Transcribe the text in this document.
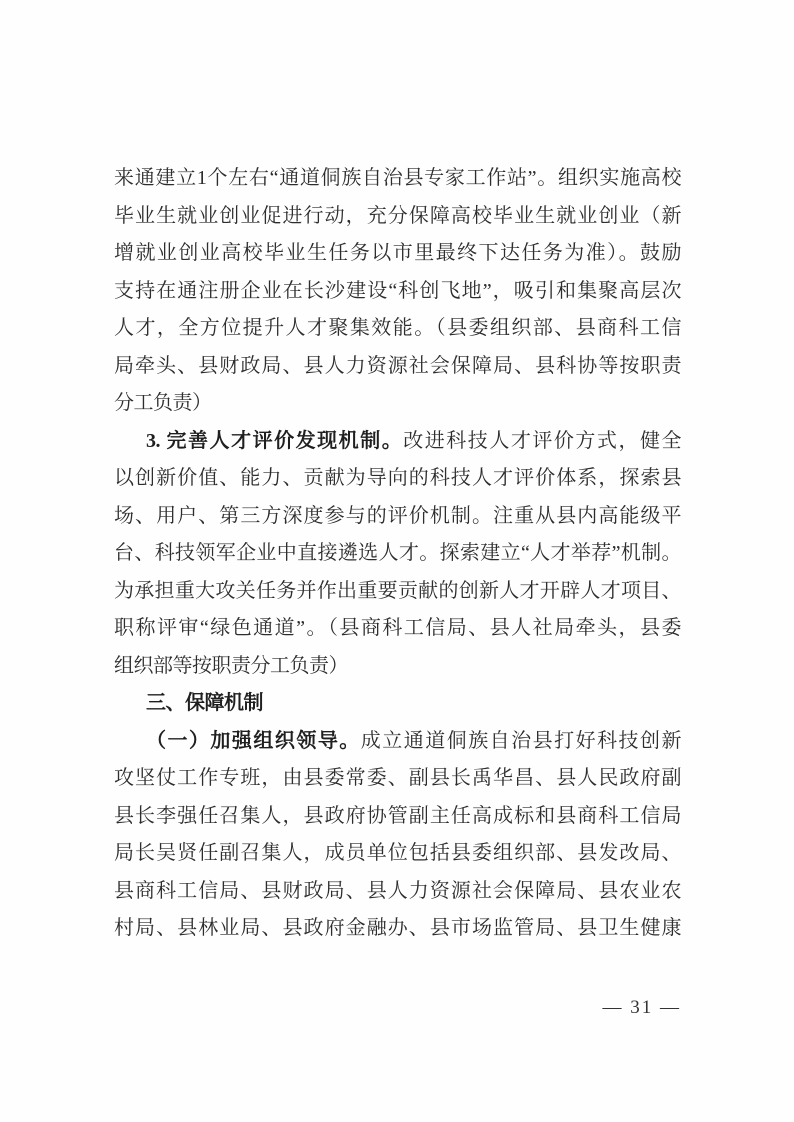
来通建立1个左右“通道侗族自治县专家工作站”。组织实施高校
毕业生就业创业促进行动，充分保障高校毕业生就业创业（新
增就业创业高校毕业生任务以市里最终下达任务为准）。鼓励
支持在通注册企业在长沙建设“科创飞地”，吸引和集聚高层次
人才，全方位提升人才聚集效能。（县委组织部、县商科工信
局牵头、县财政局、县人力资源社会保障局、县科协等按职责
分工负责）
3. 完善人才评价发现机制。改进科技人才评价方式，健全
以创新价值、能力、贡献为导向的科技人才评价体系，探索县
场、用户、第三方深度参与的评价机制。注重从县内高能级平
台、科技领军企业中直接遴选人才。探索建立“人才举荐”机制。
为承担重大攻关任务并作出重要贡献的创新人才开辟人才项目、
职称评审“绿色通道”。（县商科工信局、县人社局牵头，县委
组织部等按职责分工负责）
三、保障机制
（一）加强组织领导。成立通道侗族自治县打好科技创新
攻坚仗工作专班，由县委常委、副县长禹华昌、县人民政府副
县长李强任召集人，县政府协管副主任高成标和县商科工信局
局长吴贤任副召集人，成员单位包括县委组织部、县发改局、
县商科工信局、县财政局、县人力资源社会保障局、县农业农
村局、县林业局、县政府金融办、县市场监管局、县卫生健康
— 31 —
